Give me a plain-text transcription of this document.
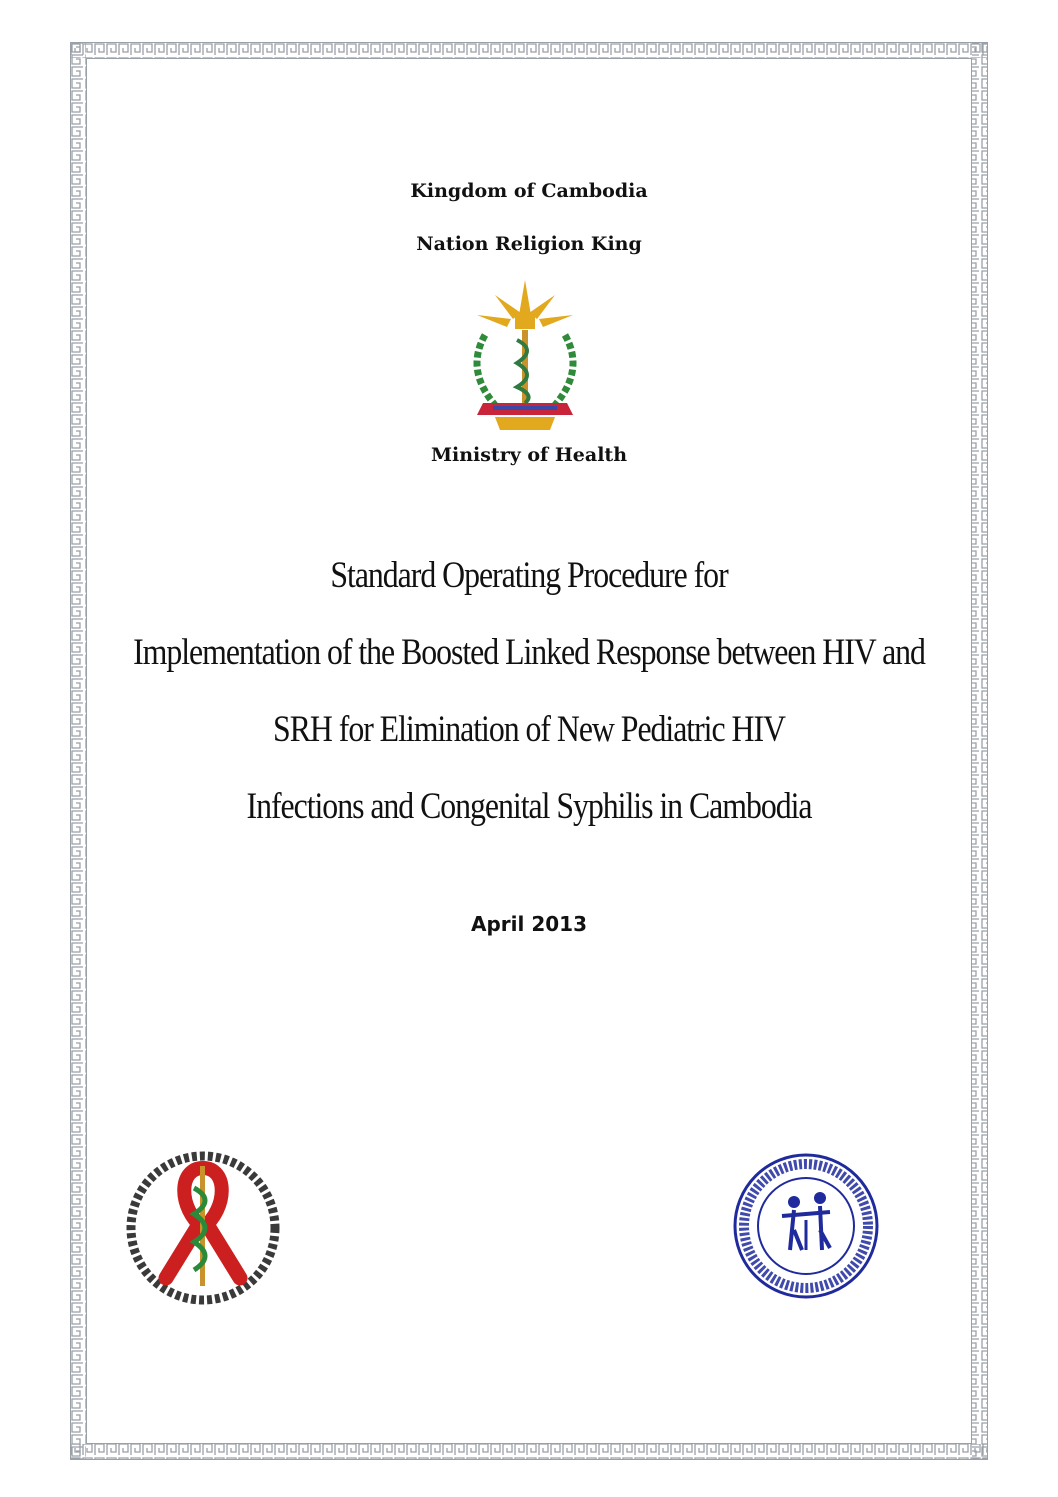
Kingdom of Cambodia
Nation Religion King
Ministry of Health
Standard Operating Procedure for
Implementation of the Boosted Linked Response between HIV and
SRH for Elimination of New Pediatric HIV
Infections and Congenital Syphilis in Cambodia
April 2013
